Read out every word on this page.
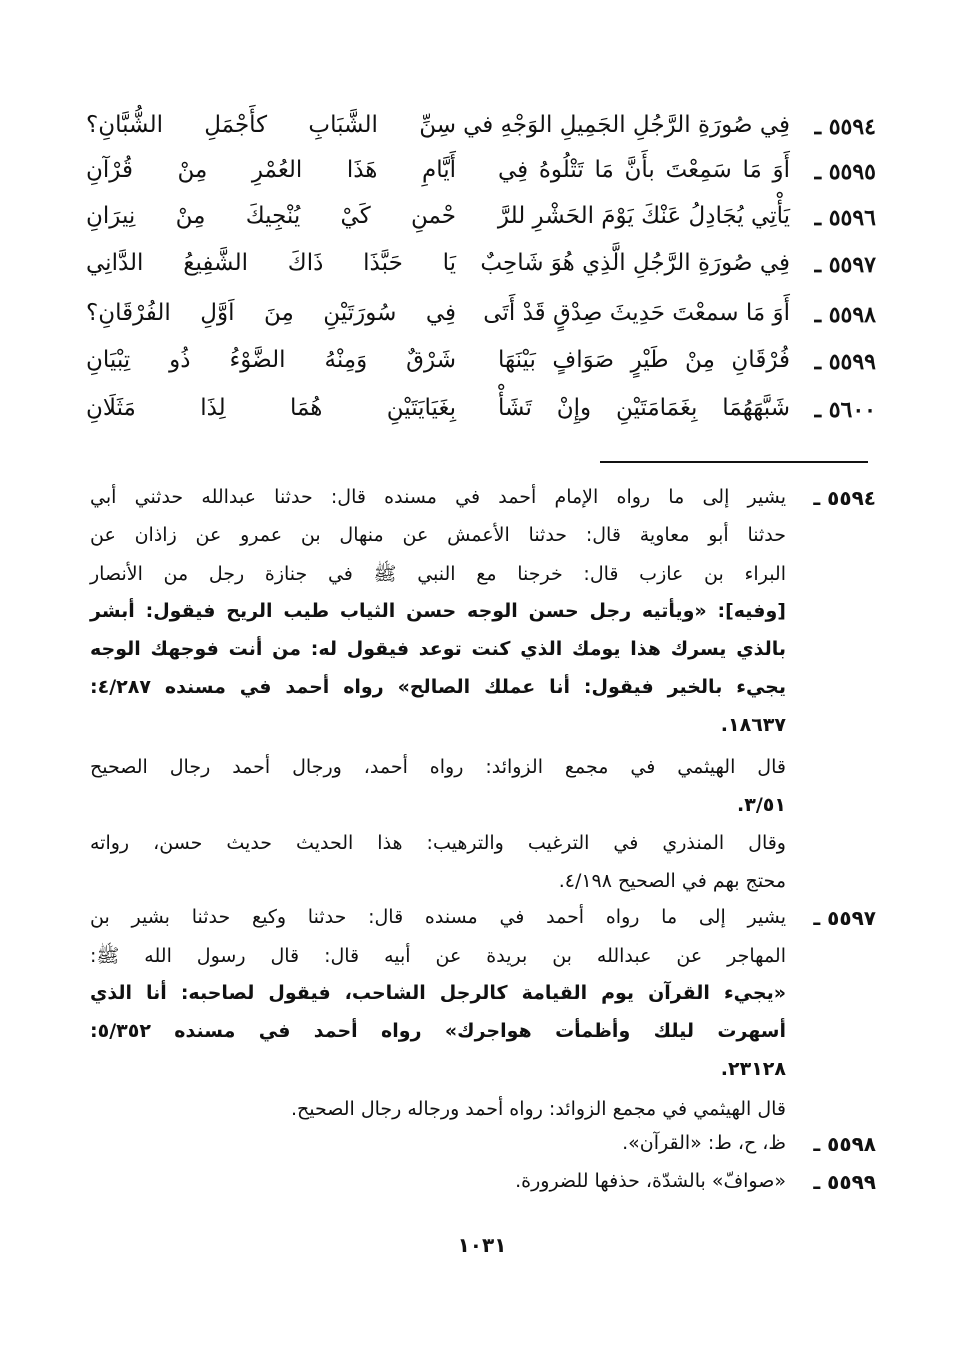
٥٥٩٤ ـ
فِي صُورَةِ الرَّجُلِ الجَمِيلِ الوَجْهِ في
سِنِّ الشَّبَابِ كأَجْمَلِ الشُّبَّانِ؟
٥٥٩٥ ـ
أَوَ مَا سَمِعْتَ بأَنَّ مَا تَتْلُوهُ فِي
أَيَّامِ هَذَا العُمْرِ مِنْ قُرْآنِ
٥٥٩٦ ـ
يَأْتِي يُجَادِلُ عَنْكَ يَوْمَ الحَشْرِ للرَّ
حْمنِ كَيْ يُنْجِيكَ مِنْ نِيرَانِ
٥٥٩٧ ـ
فِي صُورَةِ الرَّجُلِ الَّذِي هُوَ شَاحِبٌ
يَا حَبَّذَا ذَاكَ الشَّفِيعُ الدَّانِي
٥٥٩٨ ـ
أَوَ مَا سمعْتَ حَدِيثَ صِدْقٍ قَدْ أَتَى
فِي سُورَتَيْنِ مِنَ اَوَّلِ الفُرْقَانِ؟
٥٥٩٩ ـ
فُرْقَانِ مِنْ طَيْرٍ صَوَافٍ بَيْنَهَا
شَرْقٌ وَمِنْهُ الضَّوْءُ ذُو تِبْيَانِ
٥٦٠٠ ـ
شَبَّهَهُمَا بِغَمَامَتَيْنِ وإِنْ تَشَأْ
بِغَيَايَتَيْنِ هُمَا لِذَا مَثَلَانِ
٥٥٩٤ ـ
يشير إلى ما رواه الإمام أحمد في مسنده قال: حدثنا عبدالله حدثني أبي
حدثنا أبو معاوية قال: حدثنا الأعمش عن منهال بن عمرو عن زاذان عن
البراء بن عازب قال: خرجنا مع النبي ﷺ في جنازة رجل من الأنصار
[وفيه]: «ويأتيه رجل حسن الوجه حسن الثياب طيب الريح فيقول: أبشر
بالذي يسرك هذا يومك الذي كنت توعد فيقول له: من أنت فوجهك الوجه
يجيء بالخير فيقول: أنا عملك الصالح» رواه أحمد في مسنده ٤/٢٨٧:
١٨٦٣٧.
قال الهيثمي في مجمع الزوائد: رواه أحمد، ورجال أحمد رجال الصحيح
٣/٥١.
وقال المنذري في الترغيب والترهيب: هذا الحديث حديث حسن، رواته
محتج بهم في الصحيح ٤/١٩٨.
٥٥٩٧ ـ
يشير إلى ما رواه أحمد في مسنده قال: حدثنا وكيع حدثنا بشير بن
المهاجر عن عبدالله بن بريدة عن أبيه قال: قال رسول الله ﷺ:
«يجيء القرآن يوم القيامة كالرجل الشاحب، فيقول لصاحبه: أنا الذي
أسهرت ليلك وأظمأت هواجرك» رواه أحمد في مسنده ٥/٣٥٢:
٢٣١٢٨.
قال الهيثمي في مجمع الزوائد: رواه أحمد ورجاله رجال الصحيح.
٥٥٩٨ ـ
ظ، ح، ط: «القرآن».
٥٥٩٩ ـ
«صوافّ» بالشدّة، حذفها للضرورة.
١٠٣١
